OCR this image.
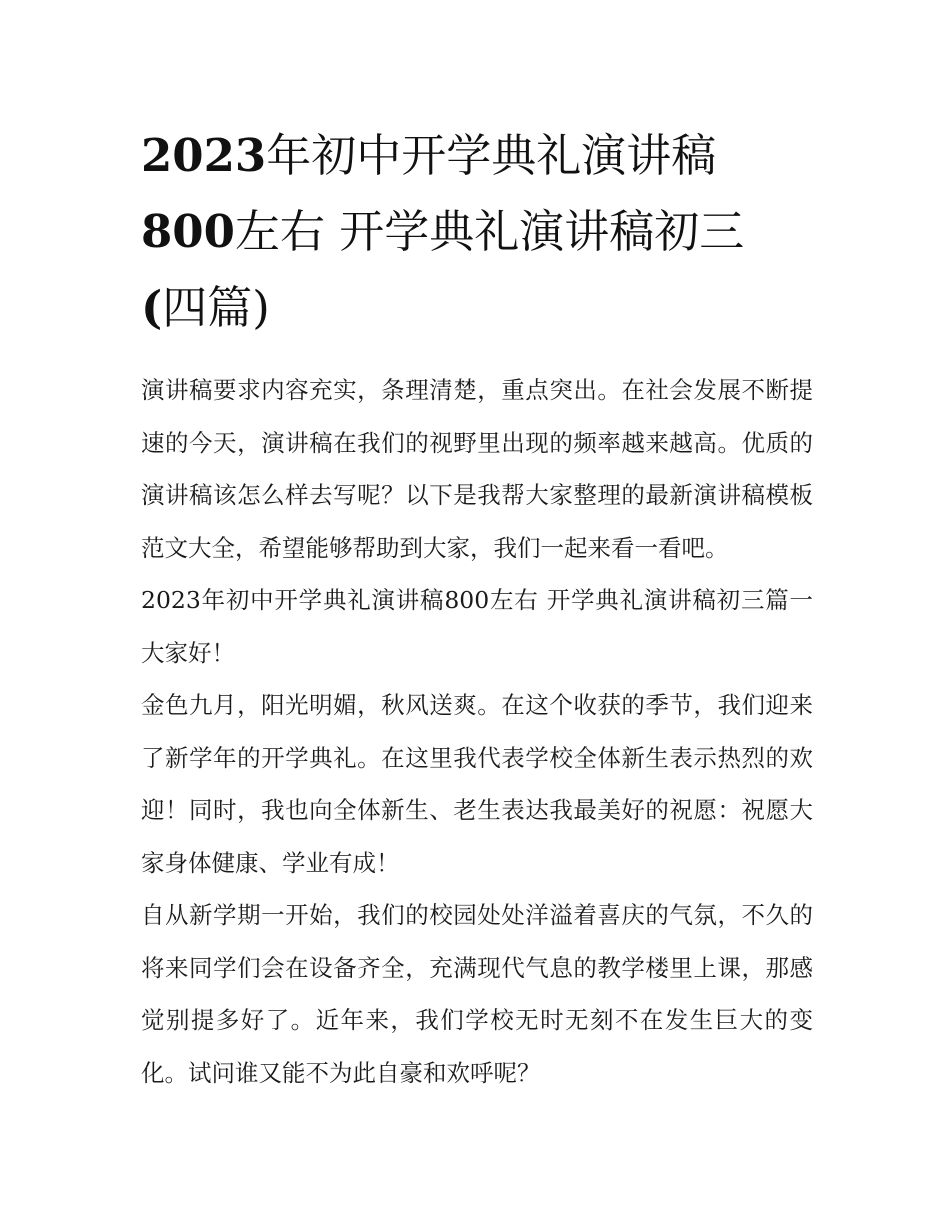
2023年初中开学典礼演讲稿
800左右 开学典礼演讲稿初三
(四篇)

演讲稿要求内容充实，条理清楚，重点突出。在社会发展不断提速的今天，演讲稿在我们的视野里出现的频率越来越高。优质的演讲稿该怎么样去写呢？以下是我帮大家整理的最新演讲稿模板范文大全，希望能够帮助到大家，我们一起来看一看吧。

2023年初中开学典礼演讲稿800左右 开学典礼演讲稿初三篇一 大家好！

金色九月，阳光明媚，秋风送爽。在这个收获的季节，我们迎来了新学年的开学典礼。在这里我代表学校全体新生表示热烈的欢迎！同时，我也向全体新生、老生表达我最美好的祝愿：祝愿大家身体健康、学业有成！

自从新学期一开始，我们的校园处处洋溢着喜庆的气氛，不久的将来同学们会在设备齐全，充满现代气息的教学楼里上课，那感觉别提多好了。近年来，我们学校无时无刻不在发生巨大的变化。试问谁又能不为此自豪和欢呼呢？
